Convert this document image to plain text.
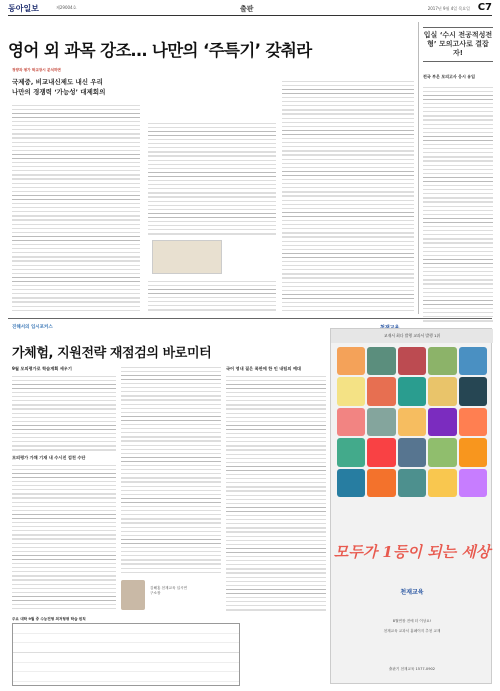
동아일보	제29004호	출판	2017년 9월 4일 목요일 C7
영어 외 과목 강조… 나만의 ‘주특기’ 갖춰라
정량과 평가 학교장시 분석하면
국제중, 비교내신제도 내신 우리
나만의 경쟁력 ‘가능성’ 대제회의
입실 ‘수시 전공적성전형’ 모의고사로 결잡자!
전국 부온 모의고사 응시 유입
진해서의 입시포커스
가체험, 지원전략 재점검의 바로미터
9월 모의평가로 학습계획 세우기
모의평가 가채 기재 내 수시진 검천 수단
김해홍 천재교육 입시연구소장
국어 영내 질은 폭판에 한 인 내팀의 예대
주요 대학 9월 중 수능전형 최저형평 학습 원칙
교재서 최다 발행 교과서 발행 1위
모두가 1등이 되는 세상
천재교육
8월연장 전에 더 이상요!
천재교육 교과서 홈페이지 추천 교재
출판기 천재교육 1577-0902
